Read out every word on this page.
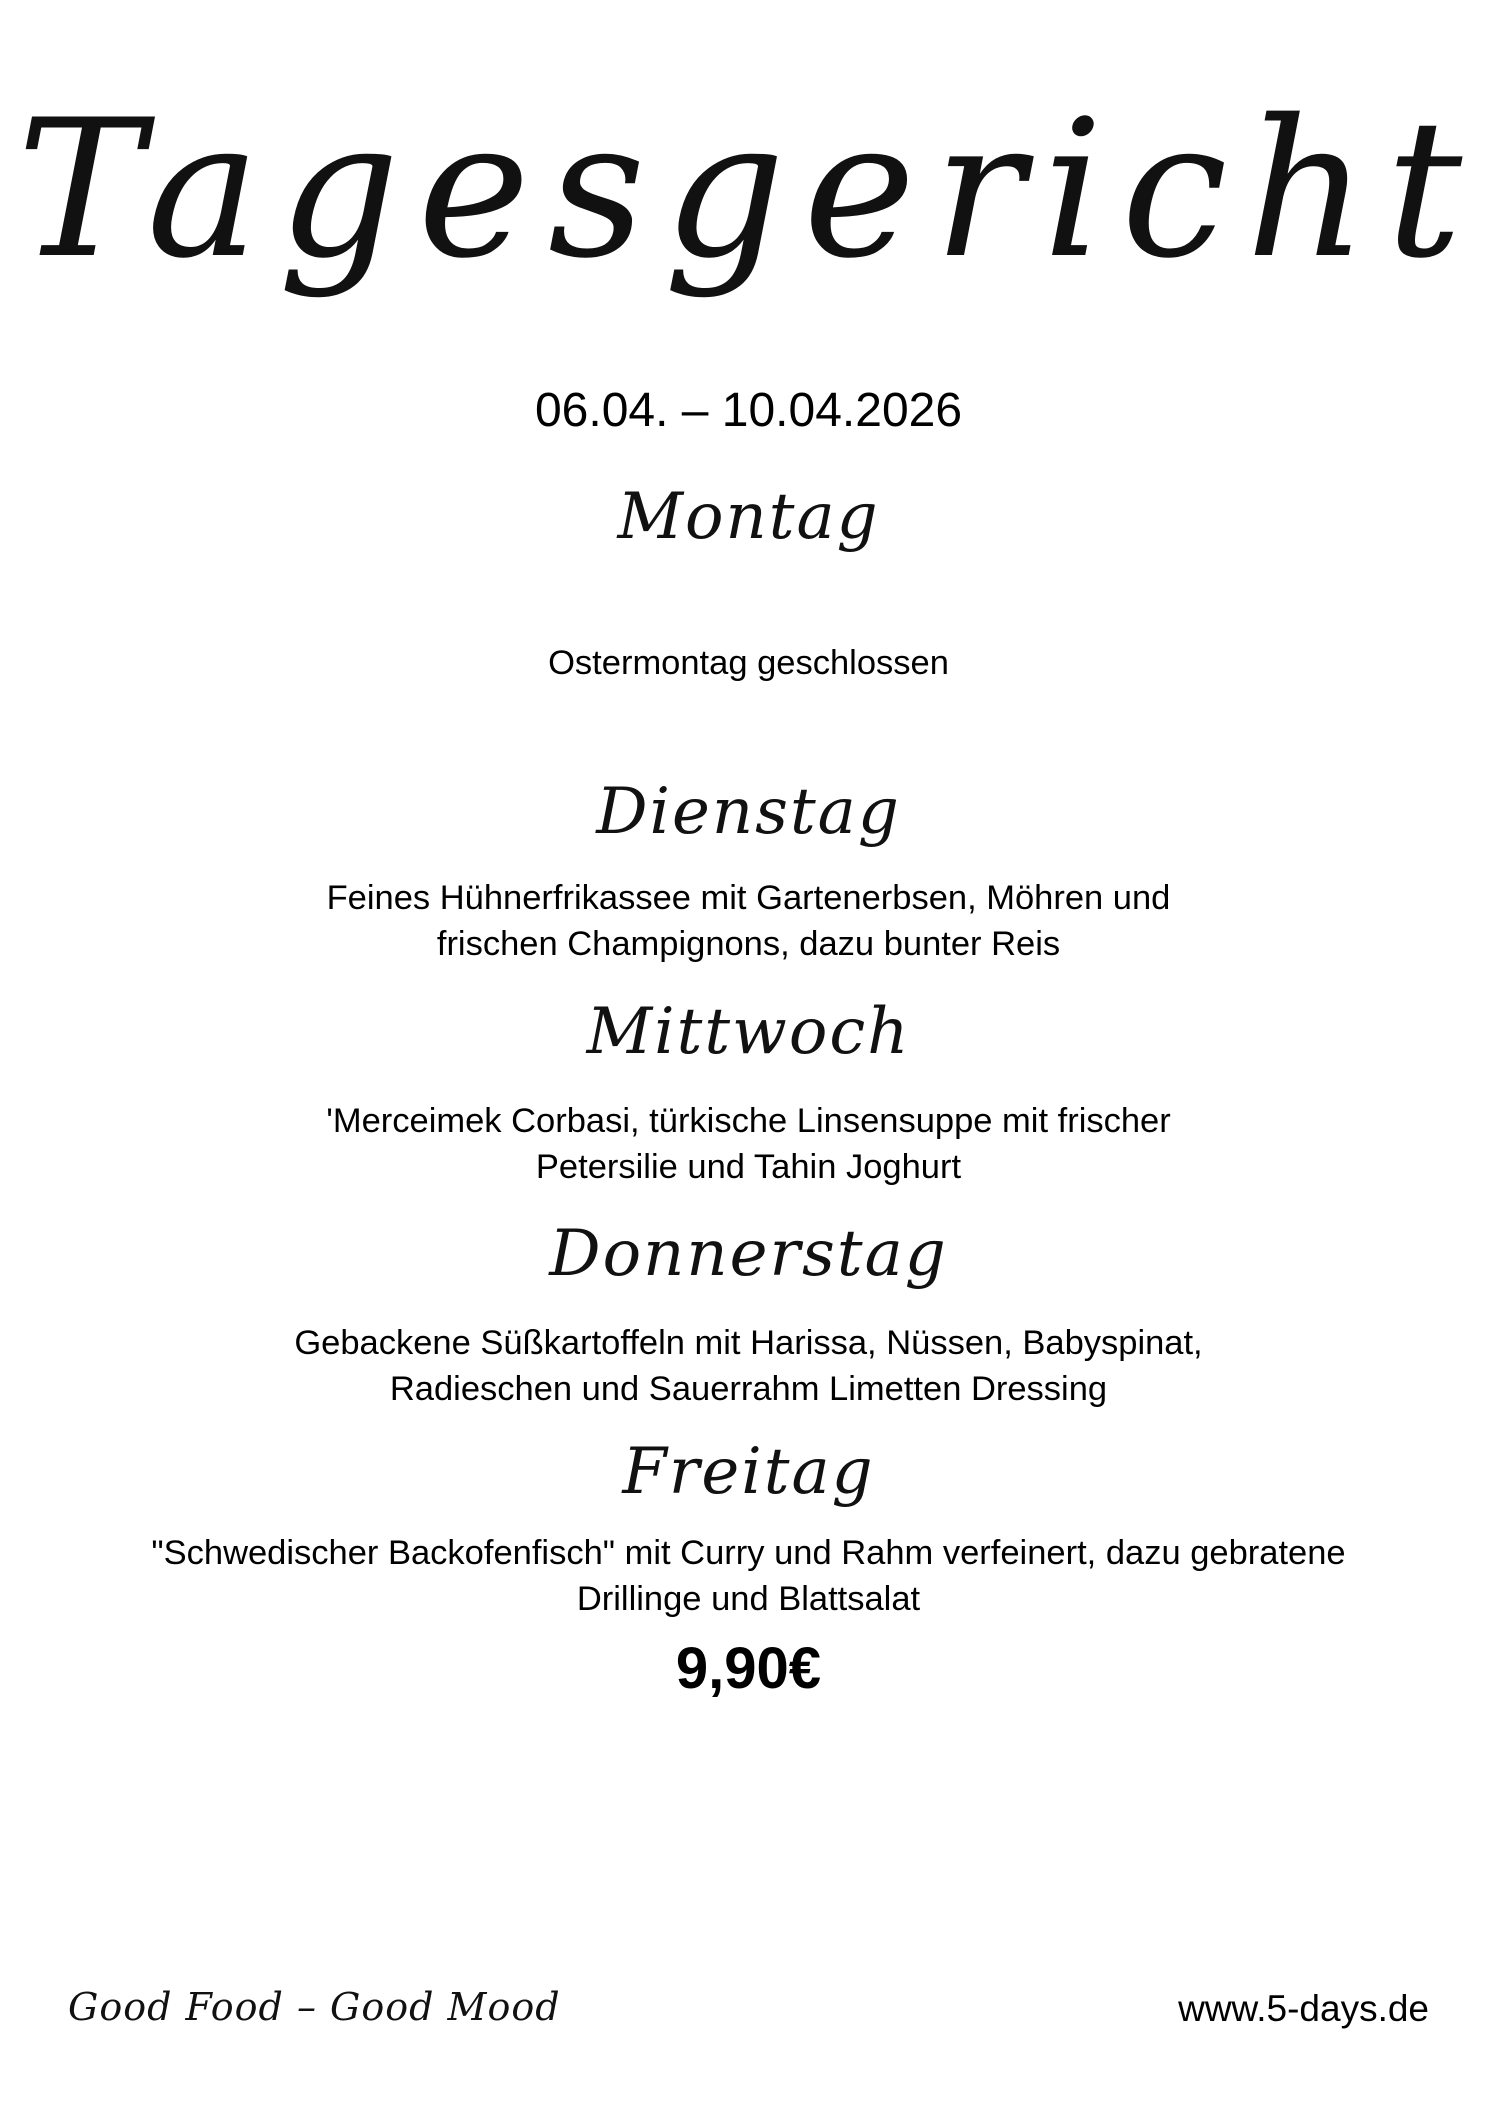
Tagesgericht
06.04. – 10.04.2026
Montag
Ostermontag geschlossen
Dienstag
Feines Hühnerfrikassee mit Gartenerbsen, Möhren und
frischen Champignons, dazu bunter Reis
Mittwoch
'Merceimek Corbasi, türkische Linsensuppe mit frischer
Petersilie und Tahin Joghurt
Donnerstag
Gebackene Süßkartoffeln mit Harissa, Nüssen, Babyspinat,
Radieschen und Sauerrahm Limetten Dressing
Freitag
"Schwedischer Backofenfisch" mit Curry und Rahm verfeinert, dazu gebratene
Drillinge und Blattsalat
9,90€
Good Food – Good Mood	www.5-days.de
